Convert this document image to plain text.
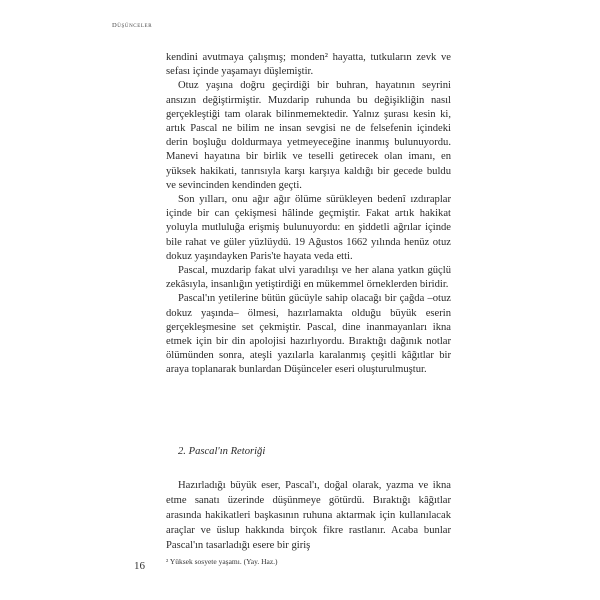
Düşünceler

kendini avutmaya çalışmış; monden² hayatta, tutkuların zevk ve sefası içinde yaşamayı düşlemiştir.

Otuz yaşına doğru geçirdiği bir buhran, hayatının seyrini ansızın değiştirmiştir. Muzdarip ruhunda bu değişikliğin nasıl gerçekleştiği tam olarak bilinmemektedir. Yalnız şurası kesin ki, artık Pascal ne bilim ne insan sevgisi ne de felsefenin içindeki derin boşluğu doldurmaya yetmeyeceğine inanmış bulunuyordu. Manevi hayatına bir birlik ve teselli getirecek olan imanı, en yüksek hakikati, tanrısıyla karşı karşıya kaldığı bir gecede buldu ve sevincinden kendinden geçti.

Son yılları, onu ağır ağır ölüme sürükleyen bedenî ızdıraplar içinde bir can çekişmesi hâlinde geçmiştir. Fakat artık hakikat yoluyla mutluluğa erişmiş bulunuyordu: en şiddetli ağrılar içinde bile rahat ve güler yüzlüydü. 19 Ağustos 1662 yılında henüz otuz dokuz yaşındayken Paris'te hayata veda etti.

Pascal, muzdarip fakat ulvi yaradılışı ve her alana yatkın güçlü zekâsıyla, insanlığın yetiştirdiği en mükemmel örneklerden biridir.

Pascal'ın yetilerine bütün gücüyle sahip olacağı bir çağda –otuz dokuz yaşında– ölmesi, hazırlamakta olduğu büyük eserin gerçekleşmesine set çekmiştir. Pascal, dine inanmayanları ikna etmek için bir din apolojisi hazırlıyordu. Bıraktığı dağınık notlar ölümünden sonra, ateşli yazılarla karalanmış çeşitli kâğıtlar bir araya toplanarak bunlardan Düşünceler eseri oluşturulmuştur.

2. Pascal'ın Retoriği

Hazırladığı büyük eser, Pascal'ı, doğal olarak, yazma ve ikna etme sanatı üzerinde düşünmeye götürdü. Bıraktığı kâğıtlar arasında hakikatleri başkasının ruhuna aktarmak için kullanılacak araçlar ve üslup hakkında birçok fikre rastlanır. Acaba bunlar Pascal'ın tasarladığı esere bir giriş

16	² Yüksek sosyete yaşamı. (Yay. Haz.)
